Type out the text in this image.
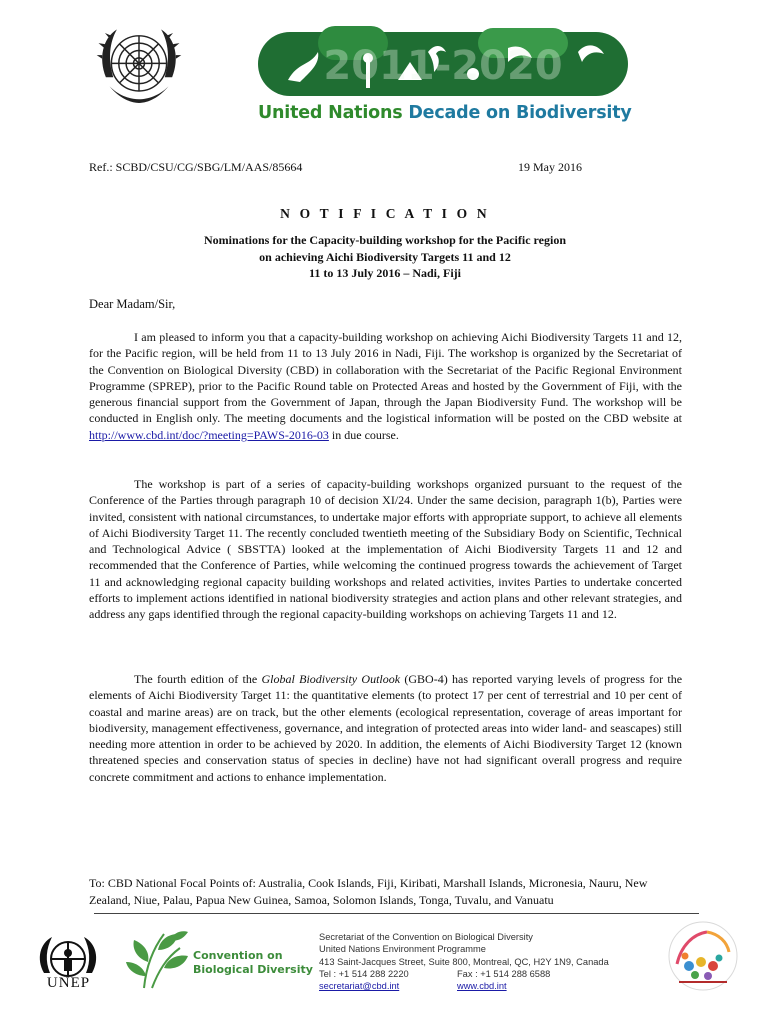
2011-2020
United Nations Decade on Biodiversity
Ref.: SCBD/CSU/CG/SBG/LM/AAS/85664	19 May 2016
N O T I F I C A T I O N
Nominations for the Capacity-building workshop for the Pacific region
on achieving Aichi Biodiversity Targets 11 and 12
11 to 13 July 2016 – Nadi, Fiji
Dear Madam/Sir,

I am pleased to inform you that a capacity-building workshop on achieving Aichi Biodiversity Targets 11 and 12, for the Pacific region, will be held from 11 to 13 July 2016 in Nadi, Fiji. The workshop is organized by the Secretariat of the Convention on Biological Diversity (CBD) in collaboration with the Secretariat of the Pacific Regional Environment Programme (SPREP), prior to the Pacific Round table on Protected Areas and hosted by the Government of Fiji, with the generous financial support from the Government of Japan, through the Japan Biodiversity Fund. The workshop will be conducted in English only. The meeting documents and the logistical information will be posted on the CBD website at http://www.cbd.int/doc/?meeting=PAWS-2016-03 in due course.

The workshop is part of a series of capacity-building workshops organized pursuant to the request of the Conference of the Parties through paragraph 10 of decision XI/24. Under the same decision, paragraph 1(b), Parties were invited, consistent with national circumstances, to undertake major efforts with appropriate support, to achieve all elements of Aichi Biodiversity Target 11. The recently concluded twentieth meeting of the Subsidiary Body on Scientific, Technical and Technological Advice ( SBSTTA) looked at the implementation of Aichi Biodiversity Targets 11 and 12 and recommended that the Conference of Parties, while welcoming the continued progress towards the achievement of Target 11 and acknowledging regional capacity building workshops and related activities, invites Parties to undertake concerted efforts to implement actions identified in national biodiversity strategies and action plans and other relevant strategies, and address any gaps identified through the regional capacity-building workshops on achieving Targets 11 and 12.

The fourth edition of the Global Biodiversity Outlook (GBO-4) has reported varying levels of progress for the elements of Aichi Biodiversity Target 11: the quantitative elements (to protect 17 per cent of terrestrial and 10 per cent of coastal and marine areas) are on track, but the other elements (ecological representation, coverage of areas important for biodiversity, management effectiveness, governance, and integration of protected areas into wider land- and seascapes) still needing more attention in order to be achieved by 2020. In addition, the elements of Aichi Biodiversity Target 12 (known threatened species and conservation status of species in decline) have not had significant overall progress and require concrete commitment and actions to enhance implementation.

To: CBD National Focal Points of: Australia, Cook Islands, Fiji, Kiribati, Marshall Islands, Micronesia, Nauru, New Zealand, Niue, Palau, Papua New Guinea, Samoa, Solomon Islands, Tonga, Tuvalu, and Vanuatu

UNEP
Convention on
Biological Diversity
Secretariat of the Convention on Biological Diversity
United Nations Environment Programme
413 Saint-Jacques Street, Suite 800, Montreal, QC, H2Y 1N9, Canada
Tel : +1 514 288 2220	Fax : +1 514 288 6588
secretariat@cbd.int	www.cbd.int
